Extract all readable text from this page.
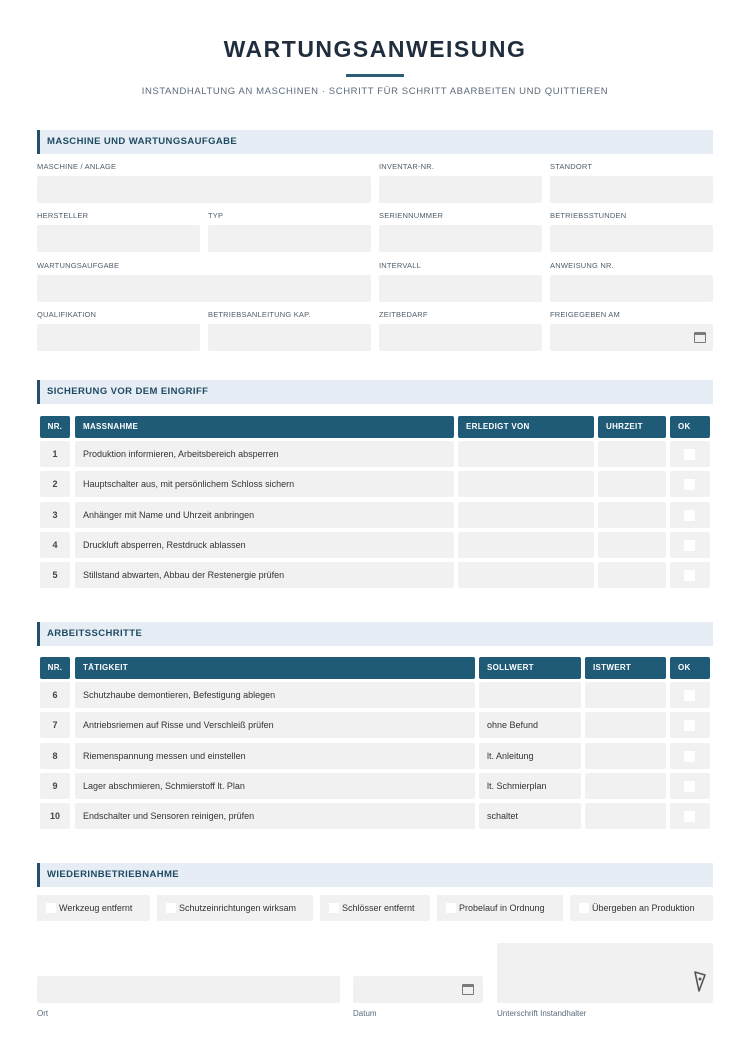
WARTUNGSANWEISUNG
INSTANDHALTUNG AN MASCHINEN · SCHRITT FÜR SCHRITT ABARBEITEN UND QUITTIEREN
MASCHINE UND WARTUNGSAUFGABE
MASCHINE / ANLAGE	INVENTAR-NR.	STANDORT
HERSTELLER	TYP	SERIENNUMMER	BETRIEBSSTUNDEN
WARTUNGSAUFGABE	INTERVALL	ANWEISUNG NR.
QUALIFIKATION	BETRIEBSANLEITUNG KAP.	ZEITBEDARF	FREIGEGEBEN AM
SICHERUNG VOR DEM EINGRIFF
NR.	MASSNAHME	ERLEDIGT VON	UHRZEIT	OK
1	Produktion informieren, Arbeitsbereich absperren
2	Hauptschalter aus, mit persönlichem Schloss sichern
3	Anhänger mit Name und Uhrzeit anbringen
4	Druckluft absperren, Restdruck ablassen
5	Stillstand abwarten, Abbau der Restenergie prüfen
ARBEITSSCHRITTE
NR.	TÄTIGKEIT	SOLLWERT	ISTWERT	OK
6	Schutzhaube demontieren, Befestigung ablegen
7	Antriebsriemen auf Risse und Verschleiß prüfen	ohne Befund
8	Riemenspannung messen und einstellen	lt. Anleitung
9	Lager abschmieren, Schmierstoff lt. Plan	lt. Schmierplan
10	Endschalter und Sensoren reinigen, prüfen	schaltet
WIEDERINBETRIEBNAHME
Werkzeug entfernt	Schutzeinrichtungen wirksam	Schlösser entfernt	Probelauf in Ordnung	Übergeben an Produktion
Ort	Datum	Unterschrift Instandhalter
